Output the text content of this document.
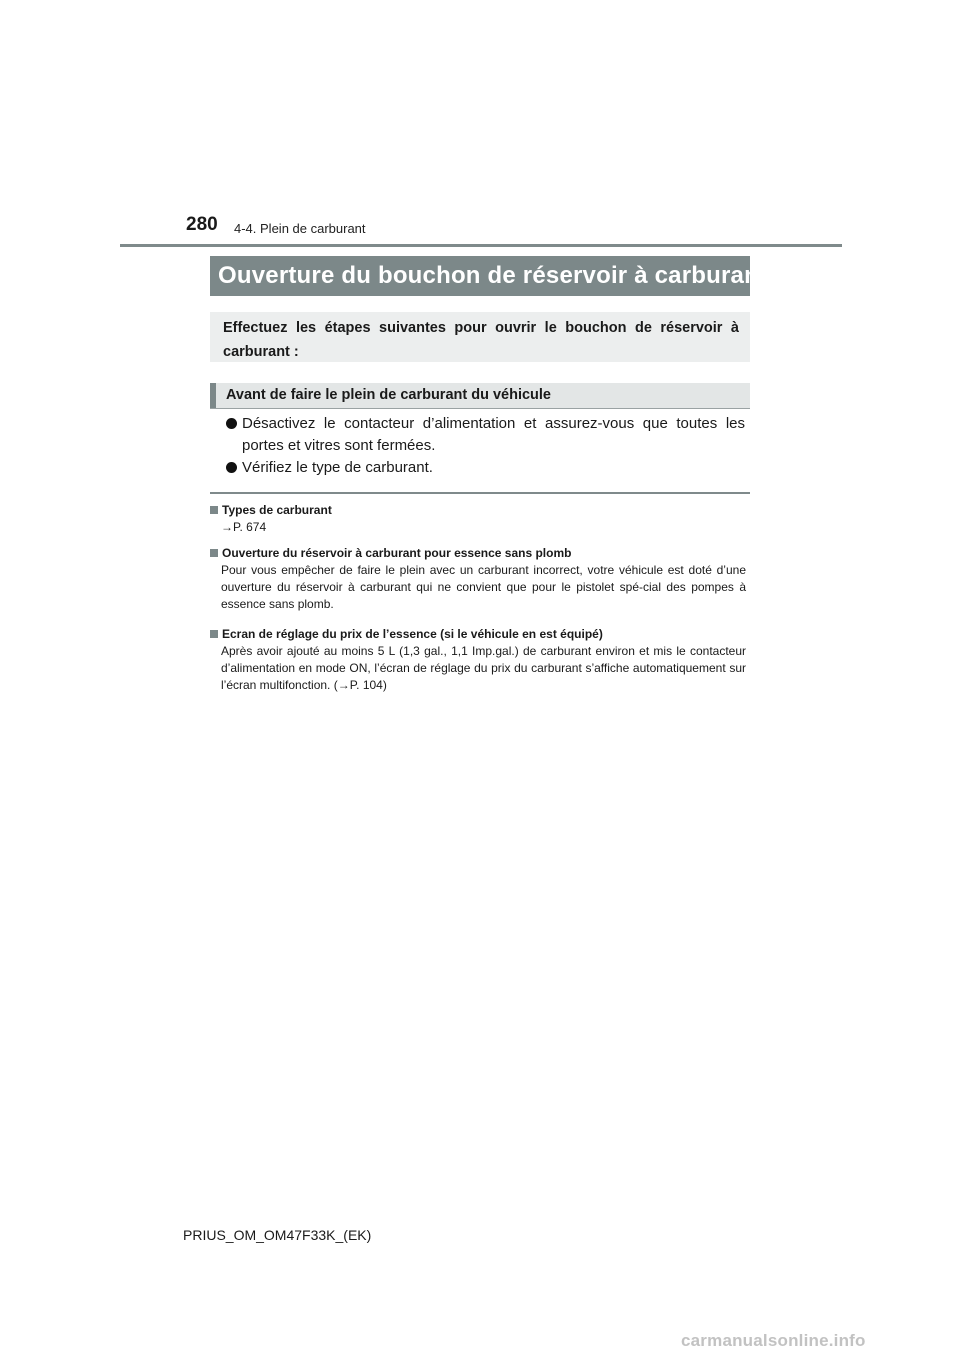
280 4-4. Plein de carburant
Ouverture du bouchon de réservoir à carburant
Effectuez les étapes suivantes pour ouvrir le bouchon de réservoir à carburant :
Avant de faire le plein de carburant du véhicule
Désactivez le contacteur d’alimentation et assurez-vous que toutes les portes et vitres sont fermées.
Vérifiez le type de carburant.
Types de carburant
→P. 674
Ouverture du réservoir à carburant pour essence sans plomb
Pour vous empêcher de faire le plein avec un carburant incorrect, votre véhicule est doté d’une ouverture du réservoir à carburant qui ne convient que pour le pistolet spé-cial des pompes à essence sans plomb.
Ecran de réglage du prix de l’essence (si le véhicule en est équipé)
Après avoir ajouté au moins 5 L (1,3 gal., 1,1 Imp.gal.) de carburant environ et mis le contacteur d’alimentation en mode ON, l’écran de réglage du prix du carburant s’affiche automatiquement sur l’écran multifonction. (→P. 104)
PRIUS_OM_OM47F33K_(EK)
carmanualsonline.info
